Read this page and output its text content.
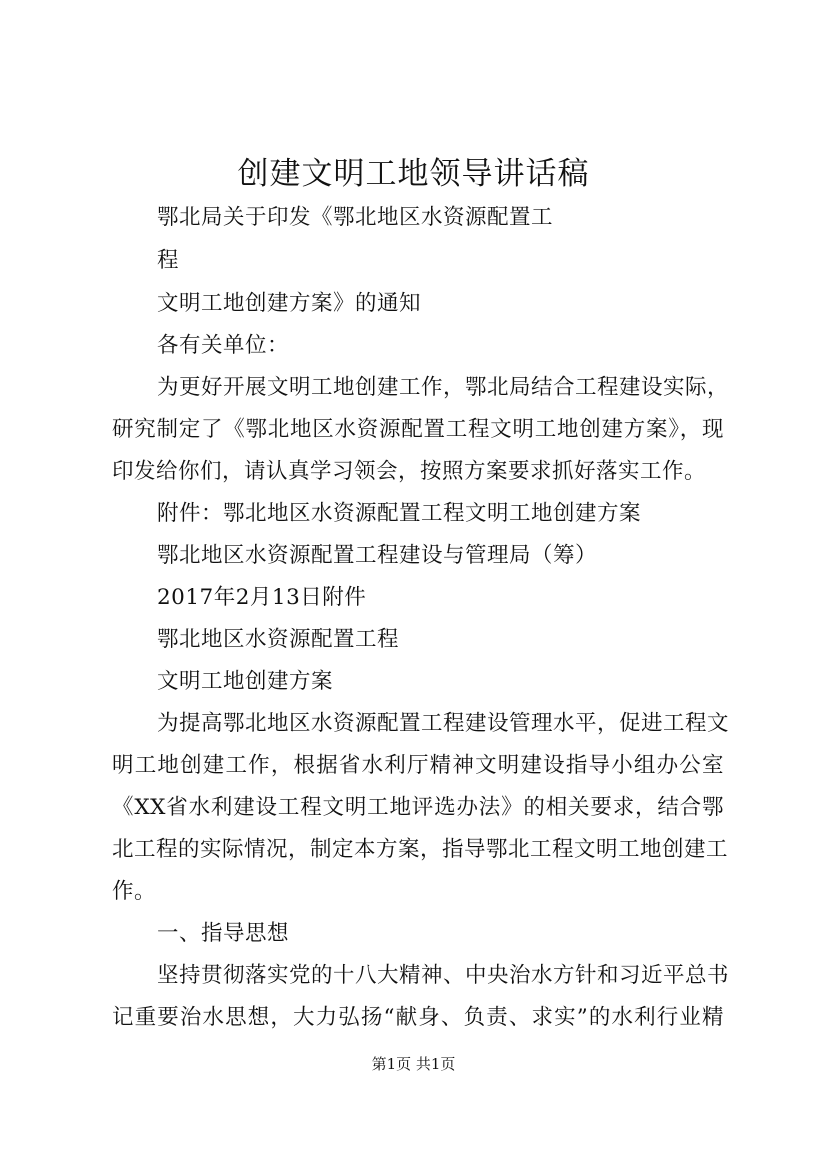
创建文明工地领导讲话稿
鄂北局关于印发《鄂北地区水资源配置工
程
文明工地创建方案》的通知
各有关单位：
为更好开展文明工地创建工作，鄂北局结合工程建设实际，
研究制定了《鄂北地区水资源配置工程文明工地创建方案》，现
印发给你们，请认真学习领会，按照方案要求抓好落实工作。
附件：鄂北地区水资源配置工程文明工地创建方案
鄂北地区水资源配置工程建设与管理局（筹）
2017年2月13日附件
鄂北地区水资源配置工程
文明工地创建方案
为提高鄂北地区水资源配置工程建设管理水平，促进工程文
明工地创建工作，根据省水利厅精神文明建设指导小组办公室
《XX省水利建设工程文明工地评选办法》的相关要求，结合鄂
北工程的实际情况，制定本方案，指导鄂北工程文明工地创建工
作。
一、指导思想
坚持贯彻落实党的十八大精神、中央治水方针和习近平总书
记重要治水思想，大力弘扬“献身、负责、求实”的水利行业精
第1页 共1页
